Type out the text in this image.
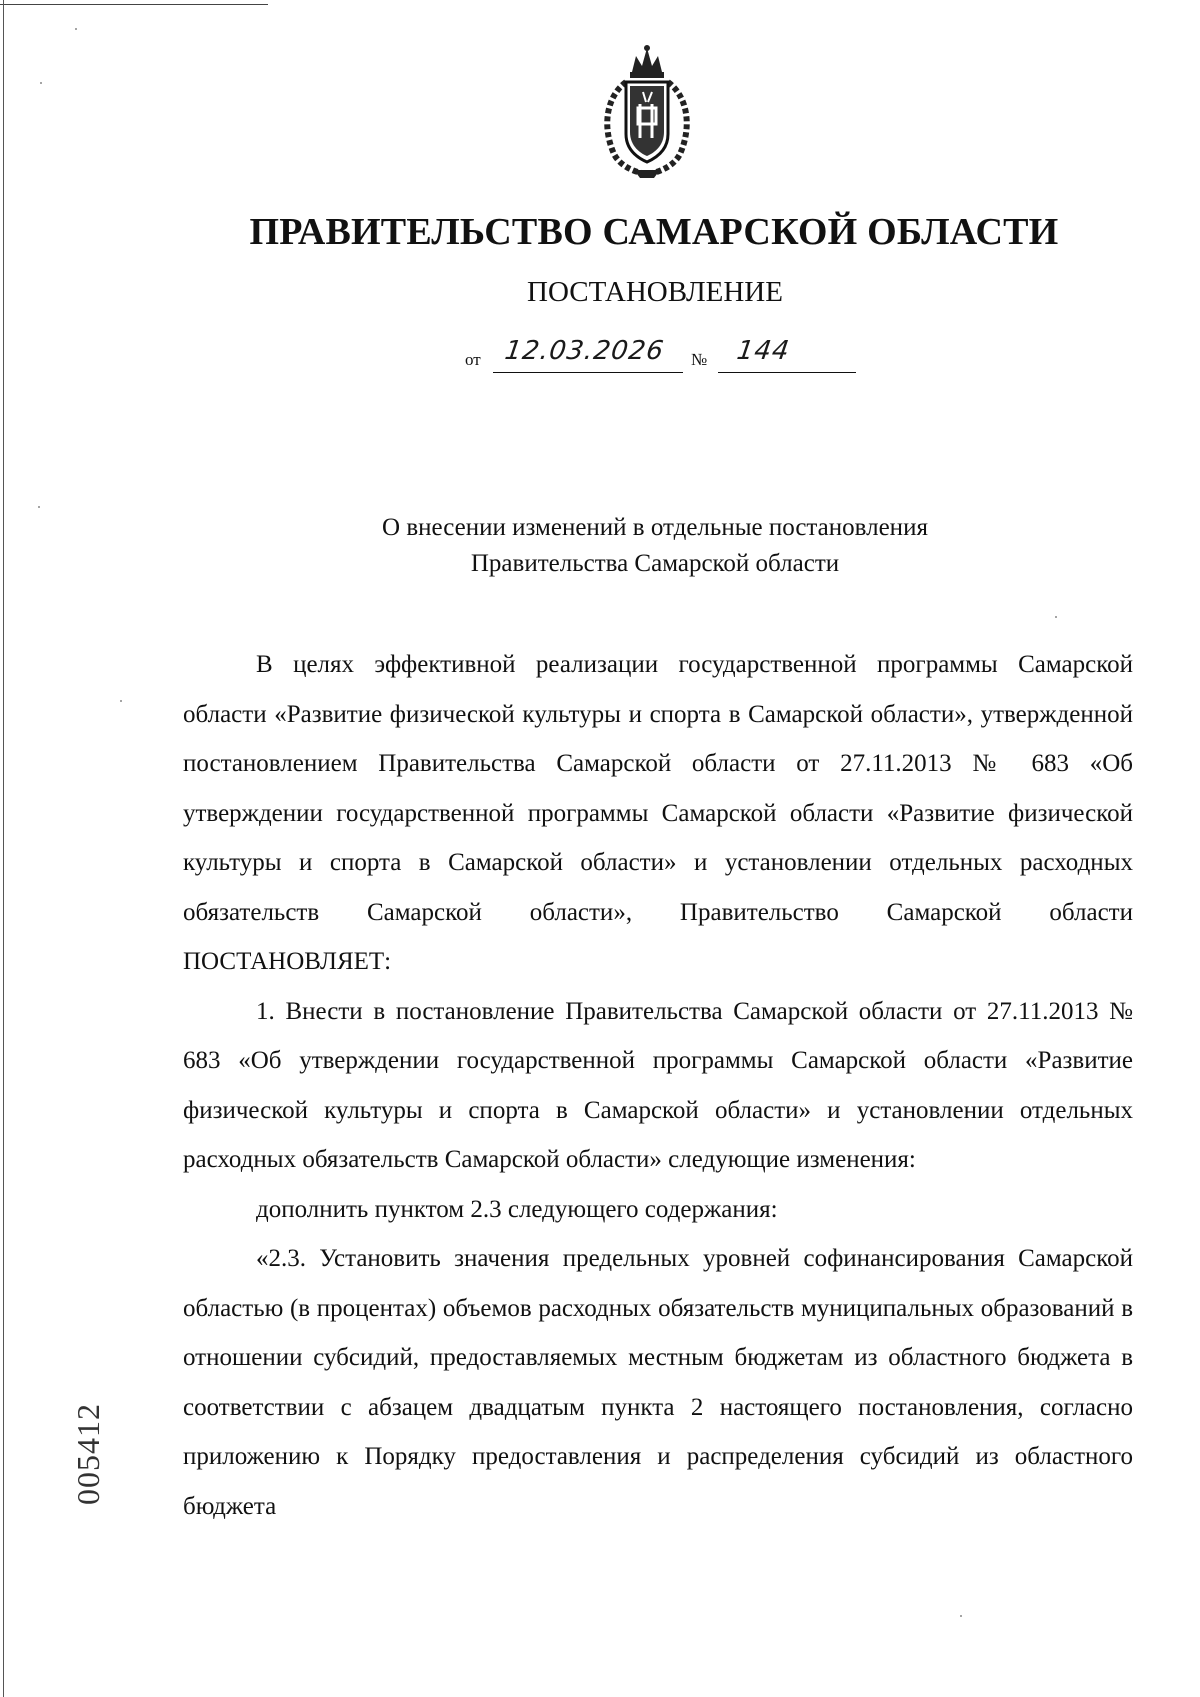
ПРАВИТЕЛЬСТВО САМАРСКОЙ ОБЛАСТИ
ПОСТАНОВЛЕНИЕ
от 12.03.2026 № 144
О внесении изменений в отдельные постановления
Правительства Самарской области

В целях эффективной реализации государственной программы Самарской области «Развитие физической культуры и спорта в Самарской области», утвержденной постановлением Правительства Самарской области от 27.11.2013 № 683 «Об утверждении государственной программы Самарской области «Развитие физической культуры и спорта в Самарской области» и установлении отдельных расходных обязательств Самарской области», Правительство Самарской области ПОСТАНОВЛЯЕТ:

1. Внести в постановление Правительства Самарской области от 27.11.2013 № 683 «Об утверждении государственной программы Самарской области «Развитие физической культуры и спорта в Самарской области» и установлении отдельных расходных обязательств Самарской области» следующие изменения:

дополнить пунктом 2.3 следующего содержания:

«2.3. Установить значения предельных уровней софинансирования Самарской областью (в процентах) объемов расходных обязательств муниципальных образований в отношении субсидий, предоставляемых местным бюджетам из областного бюджета в соответствии с абзацем двадцатым пункта 2 настоящего постановления, согласно приложению к Порядку предоставления и распределения субсидий из областного бюджета

005412
